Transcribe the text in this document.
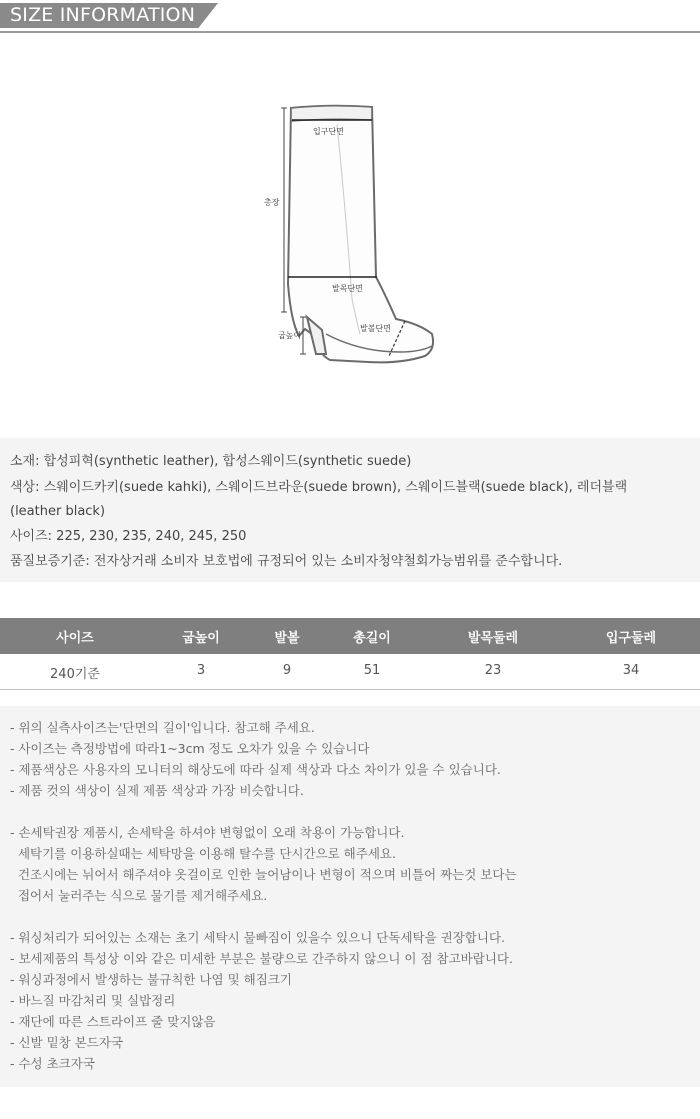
SIZE INFORMATION
입구단면
총장
발목단면
굽높이
발볼단면
소재: 합성피혁(synthetic leather), 합성스웨이드(synthetic suede)
색상: 스웨이드카키(suede kahki), 스웨이드브라운(suede brown), 스웨이드블랙(suede black), 레더블랙
(leather black)
사이즈: 225, 230, 235, 240, 245, 250
품질보증기준: 전자상거래 소비자 보호법에 규정되어 있는 소비자청약철회가능범위를 준수합니다.
사이즈	굽높이	발볼	총길이	발목둘레	입구둘레
240기준	3	9	51	23	34
- 위의 실측사이즈는'단면의 길이'입니다. 참고해 주세요.
- 사이즈는 측정방법에 따라1~3cm 정도 오차가 있을 수 있습니다
- 제품색상은 사용자의 모니터의 해상도에 따라 실제 색상과 다소 차이가 있을 수 있습니다.
- 제품 컷의 색상이 실제 제품 색상과 가장 비슷합니다.
- 손세탁권장 제품시, 손세탁을 하셔야 변형없이 오래 착용이 가능합니다.
세탁기를 이용하실때는 세탁망을 이용해 탈수를 단시간으로 해주세요.
건조시에는 뉘어서 해주셔야 옷걸이로 인한 늘어남이나 변형이 적으며 비틀어 짜는것 보다는
접어서 눌러주는 식으로 물기를 제거해주세요.
- 워싱처리가 되어있는 소재는 초기 세탁시 물빠짐이 있을수 있으니 단독세탁을 권장합니다.
- 보세제품의 특성상 이와 같은 미세한 부분은 불량으로 간주하지 않으니 이 점 참고바랍니다.
- 워싱과정에서 발생하는 불규칙한 나염 및 해짐크기
- 바느질 마감처리 및 실밥정리
- 재단에 따른 스트라이프 줄 맞지않음
- 신발 밑창 본드자국
- 수성 초크자국
